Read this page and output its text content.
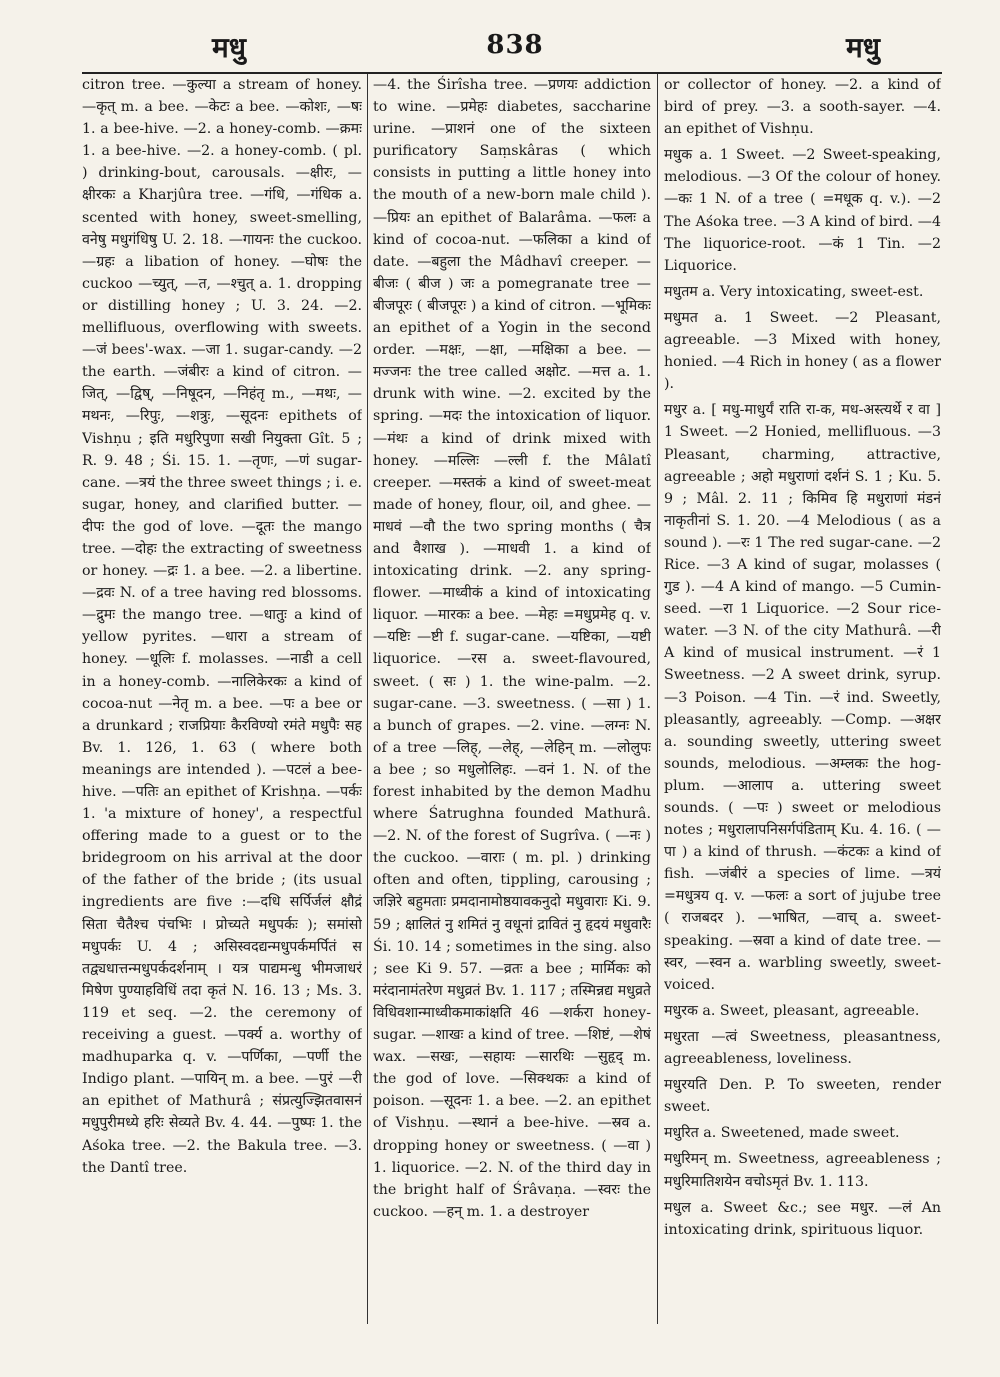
मधु	838	मधु

citron tree. —कुल्या a stream of honey. —कृत् m. a bee. —केटः a bee. —कोशः, —षः 1. a bee-hive. —2. a honey-comb. —क्रमः 1. a bee-hive. —2. a honey-comb. ( pl. ) drinking-bout, carousals. —क्षीरः, —क्षीरकः a Kharjûra tree. —गंधि, —गंधिक a. scented with honey, sweet-smelling, वनेषु मधुगंधिषु U. 2. 18. —गायनः the cuckoo. —ग्रहः a libation of honey. —घोषः the cuckoo —च्युत्, —त, —श्चुत् a. 1. dropping or distilling honey ; U. 3. 24. —2. mellifluous, overflowing with sweets. —जं bees'-wax. —जा 1. sugar-candy. —2 the earth. —जंबीरः a kind of citron. —जित्, —द्विष्, —निषूदन, —निहंतृ m., —मथः, —मथनः, —रिपुः, —शत्रुः, —सूदनः epithets of Vishṇu ; इति मधुरिपुणा सखी नियुक्ता Gît. 5 ; R. 9. 48 ; Śi. 15. 1. —तृणः, —णं sugar-cane. —त्रयं the three sweet things ; i. e. sugar, honey, and clarified butter. —दीपः the god of love. —दूतः the mango tree. —दोहः the extracting of sweetness or honey. —द्रः 1. a bee. —2. a libertine. —द्रवः N. of a tree having red blossoms. —द्रुमः the mango tree. —धातुः a kind of yellow pyrites. —धारा a stream of honey. —धूलिः f. molasses. —नाडी a cell in a honey-comb. —नालिकेरकः a kind of cocoa-nut —नेतृ m. a bee. —पः a bee or a drunkard ; राजप्रियाः कैरविण्यो रमंते मधुपैः सह Bv. 1. 126, 1. 63 ( where both meanings are intended ). —पटलं a bee-hive. —पतिः an epithet of Krishṇa. —पर्कः 1. 'a mixture of honey', a respectful offering made to a guest or to the bridegroom on his arrival at the door of the father of the bride ; (its usual ingredients are five :—दधि सर्पिर्जलं क्षौद्रं सिता चैतैश्च पंचभिः । प्रोच्यते मधुपर्कः ); समांसो मधुपर्कः U. 4 ; असिस्वदद्यन्मधुपर्कमर्पितं स तद्व्यधात्तन्मधुपर्कदर्शनाम् । यत्र पाद्यमन्धु भीमजाधरं मिषेण पुण्याहविधिं तदा कृतं N. 16. 13 ; Ms. 3. 119 et seq. —2. the ceremony of receiving a guest. —पर्क्य a. worthy of madhuparka q. v. —पर्णिका, —पर्णी the Indigo plant. —पायिन् m. a bee. —पुरं —री an epithet of Mathurâ ; संप्रत्युज्झितवासनं मधुपुरीमध्ये हरिः सेव्यते Bv. 4. 44. —पुष्पः 1. the Aśoka tree. —2. the Bakula tree. —3. the Dantî tree.

—4. the Śirîsha tree. —प्रणयः addiction to wine. —प्रमेहः diabetes, saccharine urine. —प्राशनं one of the sixteen purificatory Saṃskâras ( which consists in putting a little honey into the mouth of a new-born male child ). —प्रियः an epithet of Balarâma. —फलः a kind of cocoa-nut. —फलिका a kind of date. —बहुला the Mâdhavî creeper. —बीजः ( बीज ) जः a pomegranate tree —बीजपूरः ( बीजपूरः ) a kind of citron. —भूमिकः an epithet of a Yogin in the second order. —मक्षः, —क्षा, —मक्षिका a bee. —मज्जनः the tree called अक्षोट. —मत्त a. 1. drunk with wine. —2. excited by the spring. —मदः the intoxication of liquor. —मंथः a kind of drink mixed with honey. —मल्लिः —ल्ली f. the Mâlatî creeper. —मस्तकं a kind of sweet-meat made of honey, flour, oil, and ghee. —माधवं —वौ the two spring months ( चैत्र and वैशाख ). —माधवी 1. a kind of intoxicating drink. —2. any spring-flower. —माध्वीकं a kind of intoxicating liquor. —मारकः a bee. —मेहः =मधुप्रमेह q. v. —यष्टिः —ष्टी f. sugar-cane. —यष्टिका, —यष्टी liquorice. —रस a. sweet-flavoured, sweet. ( सः ) 1. the wine-palm. —2. sugar-cane. —3. sweetness. ( —सा ) 1. a bunch of grapes. —2. vine. —लग्नः N. of a tree —लिह्, —लेह्, —लेहिन् m. —लोलुपः a bee ; so मधुलोलिहः. —वनं 1. N. of the forest inhabited by the demon Madhu where Śatrughna founded Mathurâ. —2. N. of the forest of Sugrîva. ( —नः ) the cuckoo. —वाराः ( m. pl. ) drinking often and often, tippling, carousing ; जज्ञिरे बहुमताः प्रमदानामोष्ठयावकनुदो मधुवाराः Ki. 9. 59 ; क्षालितं नु शमितं नु वधूनां द्रावितं नु हृदयं मधुवारैः Śi. 10. 14 ; sometimes in the sing. also ; see Ki 9. 57. —व्रतः a bee ; मार्मिकः को मरंदानामंतरेण मधुव्रतं Bv. 1. 117 ; तस्मिन्नद्य मधुव्रते विधिवशान्माध्वीकमाकांक्षति 46 —शर्करा honey-sugar. —शाखः a kind of tree. —शिष्टं, —शेषं wax. —सखः, —सहायः —सारथिः —सुहृद् m. the god of love. —सिक्थकः a kind of poison. —सूदनः 1. a bee. —2. an epithet of Vishṇu. —स्थानं a bee-hive. —स्रव a. dropping honey or sweetness. ( —वा ) 1. liquorice. —2. N. of the third day in the bright half of Śrâvaṇa. —स्वरः the cuckoo. —हन् m. 1. a destroyer

or collector of honey. —2. a kind of bird of prey. —3. a sooth-sayer. —4. an epithet of Vishṇu.

मधुक a. 1 Sweet. —2 Sweet-speaking, melodious. —3 Of the colour of honey. —कः 1 N. of a tree ( =मधूक q. v.). —2 The Aśoka tree. —3 A kind of bird. —4 The liquorice-root. —कं 1 Tin. —2 Liquorice.

मधुतम a. Very intoxicating, sweet-est.

मधुमत a. 1 Sweet. —2 Pleasant, agreeable. —3 Mixed with honey, honied. —4 Rich in honey ( as a flower ).

मधुर a. [ मधु-माधुर्यं राति रा-क, मध-अस्त्यर्थे र वा ] 1 Sweet. —2 Honied, mellifluous. —3 Pleasant, charming, attractive, agreeable ; अहो मधुराणां दर्शनं S. 1 ; Ku. 5. 9 ; Mâl. 2. 11 ; किमिव हि मधुराणां मंडनं नाकृतीनां S. 1. 20. —4 Melodious ( as a sound ). —रः 1 The red sugar-cane. —2 Rice. —3 A kind of sugar, molasses ( गुड ). —4 A kind of mango. —5 Cumin-seed. —रा 1 Liquorice. —2 Sour rice-water. —3 N. of the city Mathurâ. —री A kind of musical instrument. —रं 1 Sweetness. —2 A sweet drink, syrup. —3 Poison. —4 Tin. —रं ind. Sweetly, pleasantly, agreeably. —Comp. —अक्षर a. sounding sweetly, uttering sweet sounds, melodious. —अम्लकः the hog-plum. —आलाप a. uttering sweet sounds. ( —पः ) sweet or melodious notes ; मधुरालापनिसर्गपंडिताम् Ku. 4. 16. ( —पा ) a kind of thrush. —कंटकः a kind of fish. —जंबीरं a species of lime. —त्रयं =मधुत्रय q. v. —फलः a sort of jujube tree ( राजबदर ). —भाषित, —वाच् a. sweet-speaking. —स्रवा a kind of date tree. —स्वर, —स्वन a. warbling sweetly, sweet-voiced.

मधुरक a. Sweet, pleasant, agreeable.

मधुरता —त्वं Sweetness, pleasantness, agreeableness, loveliness.

मधुरयति Den. P. To sweeten, render sweet.

मधुरित a. Sweetened, made sweet.

मधुरिमन् m. Sweetness, agreeableness ; मधुरिमातिशयेन वचोऽमृतं Bv. 1. 113.

मधुल a. Sweet &c.; see मधुर. —लं An intoxicating drink, spirituous liquor.
